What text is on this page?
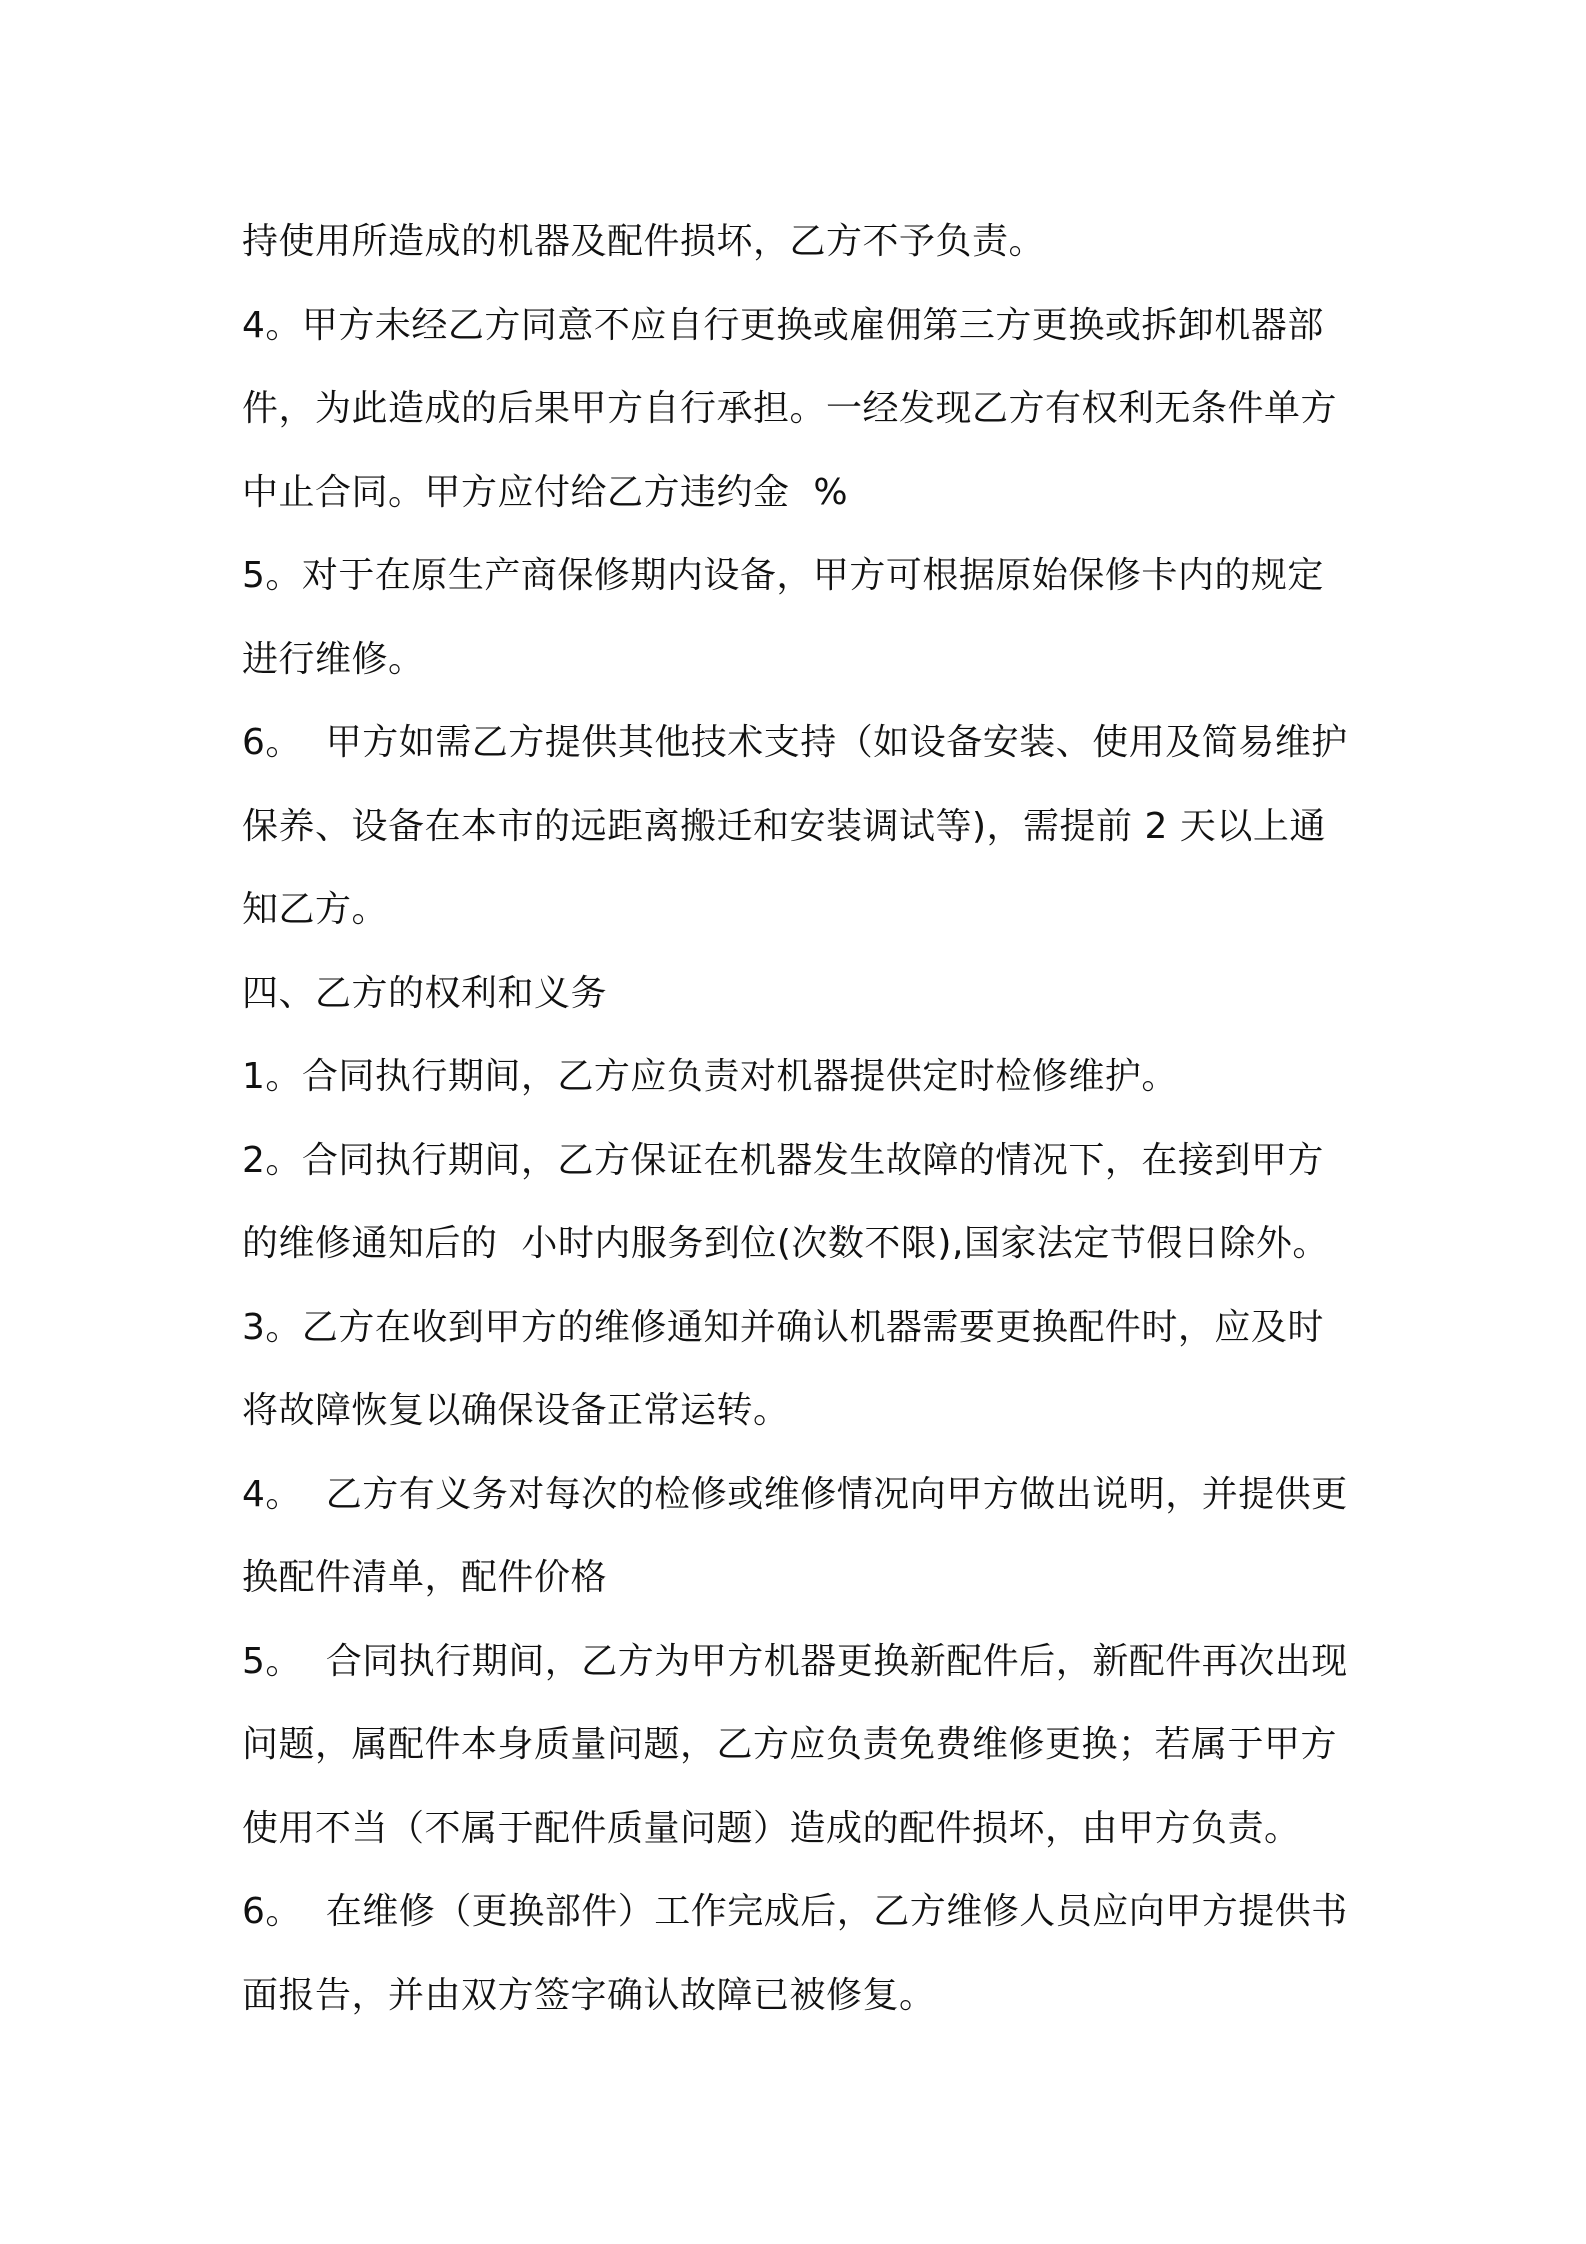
持使用所造成的机器及配件损坏，乙方不予负责。
4。甲方未经乙方同意不应自行更换或雇佣第三方更换或拆卸机器部
件，为此造成的后果甲方自行承担。一经发现乙方有权利无条件单方
中止合同。甲方应付给乙方违约金  %
5。对于在原生产商保修期内设备，甲方可根据原始保修卡内的规定
进行维修。
6。  甲方如需乙方提供其他技术支持（如设备安装、使用及简易维护
保养、设备在本市的远距离搬迁和安装调试等)，需提前 2 天以上通
知乙方。
四、乙方的权利和义务
1。合同执行期间，乙方应负责对机器提供定时检修维护。
2。合同执行期间，乙方保证在机器发生故障的情况下，在接到甲方
的维修通知后的  小时内服务到位(次数不限),国家法定节假日除外。
3。乙方在收到甲方的维修通知并确认机器需要更换配件时，应及时
将故障恢复以确保设备正常运转。
4。  乙方有义务对每次的检修或维修情况向甲方做出说明，并提供更
换配件清单，配件价格
5。  合同执行期间，乙方为甲方机器更换新配件后，新配件再次出现
问题，属配件本身质量问题，乙方应负责免费维修更换；若属于甲方
使用不当（不属于配件质量问题）造成的配件损坏，由甲方负责。
6。  在维修（更换部件）工作完成后，乙方维修人员应向甲方提供书
面报告，并由双方签字确认故障已被修复。
